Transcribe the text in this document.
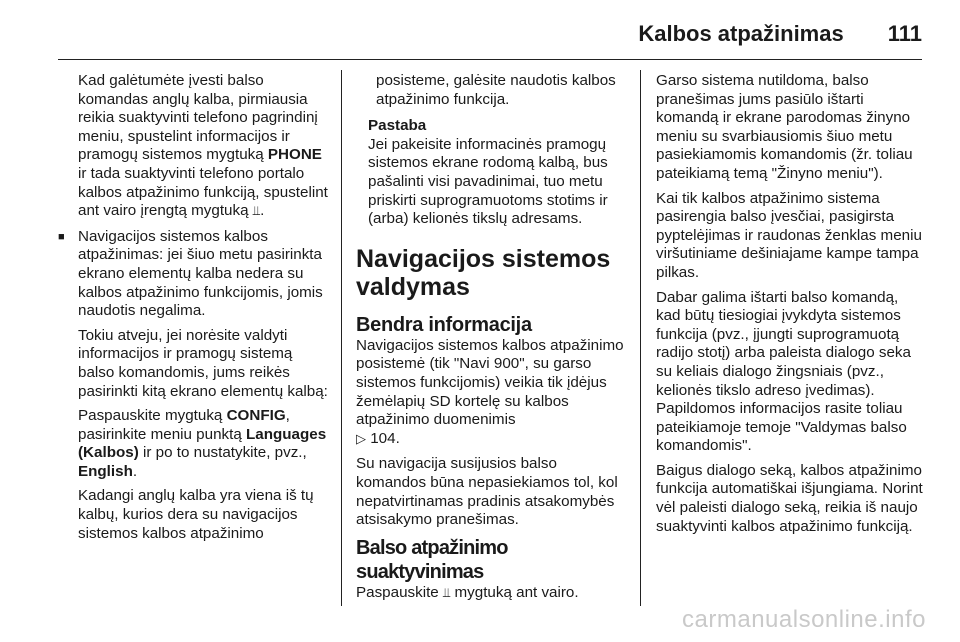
Kalbos atpažinimas 111

Kad galėtumėte įvesti balso komandas anglų kalba, pirmiausia reikia suaktyvinti telefono pagrindinį meniu, spustelint informacijos ir pramogų sistemos mygtuką PHONE ir tada suaktyvinti telefono portalo kalbos atpažinimo funkciją, spustelint ant vairo įrengtą mygtuką ⫫.

■ Navigacijos sistemos kalbos atpažinimas: jei šiuo metu pasirinkta ekrano elementų kalba nedera su kalbos atpažinimo funkcijomis, jomis naudotis negalima.

Tokiu atveju, jei norėsite valdyti informacijos ir pramogų sistemą balso komandomis, jums reikės pasirinkti kitą ekrano elementų kalbą:

Paspauskite mygtuką CONFIG, pasirinkite meniu punktą Languages (Kalbos) ir po to nustatykite, pvz., English.

Kadangi anglų kalba yra viena iš tų kalbų, kurios dera su navigacijos sistemos kalbos atpažinimo

posisteme, galėsite naudotis kalbos atpažinimo funkcija.

Pastaba

Jei pakeisite informacinės pramogų sistemos ekrane rodomą kalbą, bus pašalinti visi pavadinimai, tuo metu priskirti suprogramuotoms stotims ir (arba) kelionės tikslų adresams.

Navigacijos sistemos valdymas
Bendra informacija

Navigacijos sistemos kalbos atpažinimo posistemė (tik "Navi 900", su garso sistemos funkcijomis) veikia tik įdėjus žemėlapių SD kortelę su kalbos atpažinimo duomenimis
▷ 104.

Su navigacija susijusios balso komandos būna nepasiekiamos tol, kol nepatvirtinamas pradinis atsakomybės atsisakymo pranešimas.

Balso atpažinimo suaktyvinimas

Paspauskite ⫫ mygtuką ant vairo.

Garso sistema nutildoma, balso pranešimas jums pasiūlo ištarti komandą ir ekrane parodomas žinyno meniu su svarbiausiomis šiuo metu pasiekiamomis komandomis (žr. toliau pateikiamą temą "Žinyno meniu").

Kai tik kalbos atpažinimo sistema pasirengia balso įvesčiai, pasigirsta pyptelėjimas ir raudonas ženklas meniu viršutiniame dešiniajame kampe tampa pilkas.

Dabar galima ištarti balso komandą, kad būtų tiesiogiai įvykdyta sistemos funkcija (pvz., įjungti suprogramuotą radijo stotį) arba paleista dialogo seka su keliais dialogo žingsniais (pvz., kelionės tikslo adreso įvedimas). Papildomos informacijos rasite toliau pateikiamoje temoje "Valdymas balso komandomis".

Baigus dialogo seką, kalbos atpažinimo funkcija automatiškai išjungiama. Norint vėl paleisti dialogo seką, reikia iš naujo suaktyvinti kalbos atpažinimo funkciją.

carmanualsonline.info
